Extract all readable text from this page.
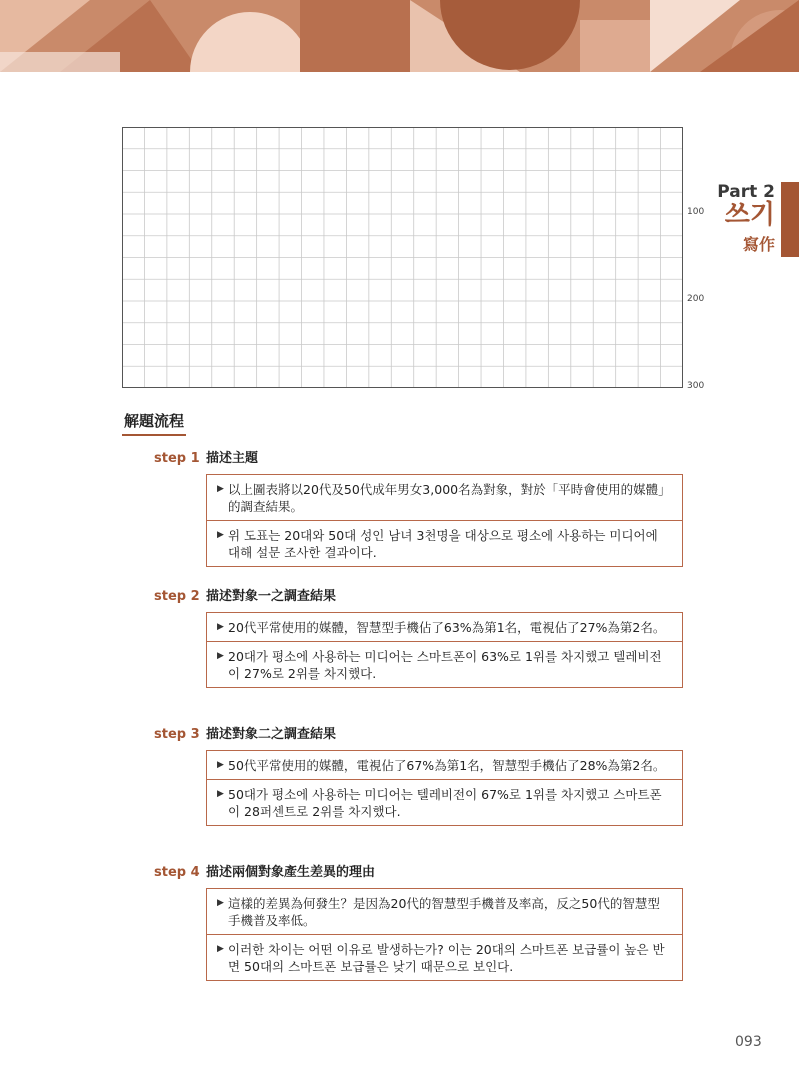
100
200
300
Part 2
쓰기
寫作
解題流程
step 1 描述主題
▶ 以上圖表將以20代及50代成年男女3,000名為對象，對於「平時會使用的媒體」的調查結果。
▶ 위 도표는 20대와 50대 성인 남녀 3천명을 대상으로 평소에 사용하는 미디어에 대해 설문 조사한 결과이다.
step 2 描述對象一之調查結果
▶ 20代平常使用的媒體，智慧型手機佔了63%為第1名，電視佔了27%為第2名。
▶ 20대가 평소에 사용하는 미디어는 스마트폰이 63%로 1위를 차지했고 텔레비전이 27%로 2위를 차지했다.
step 3 描述對象二之調查結果
▶ 50代平常使用的媒體，電視佔了67%為第1名，智慧型手機佔了28%為第2名。
▶ 50대가 평소에 사용하는 미디어는 텔레비전이 67%로 1위를 차지했고 스마트폰이 28퍼센트로 2위를 차지했다.
step 4 描述兩個對象產生差異的理由
▶ 這樣的差異為何發生？是因為20代的智慧型手機普及率高，反之50代的智慧型手機普及率低。
▶ 이러한 차이는 어떤 이유로 발생하는가? 이는 20대의 스마트폰 보급률이 높은 반면 50대의 스마트폰 보급률은 낮기 때문으로 보인다.
093
